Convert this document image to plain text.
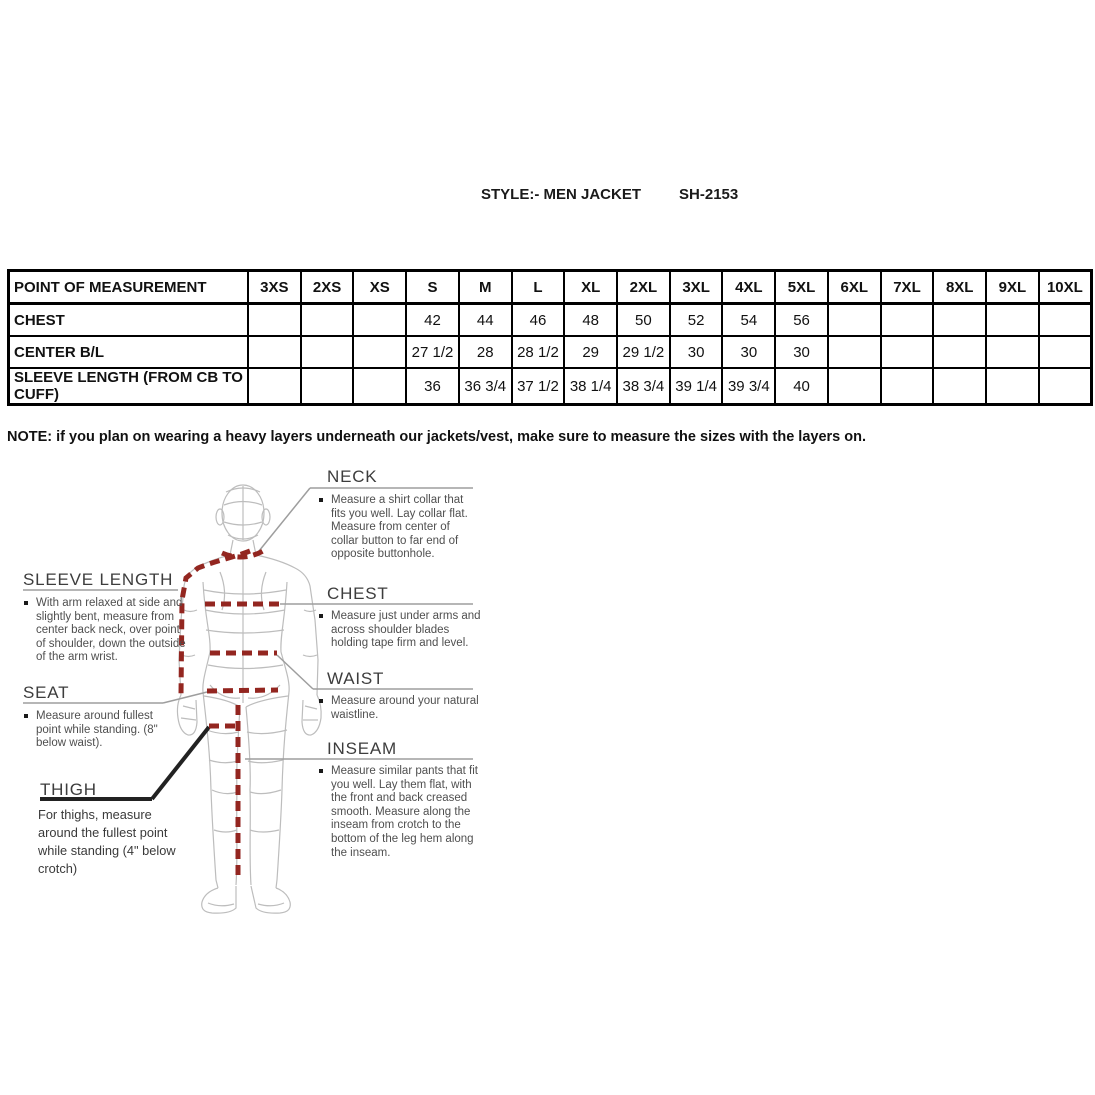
STYLE:- MEN JACKET	SH-2153
POINT OF MEASUREMENT	3XS	2XS	XS	S	M	L	XL	2XL	3XL	4XL	5XL	6XL	7XL	8XL	9XL	10XL
CHEST				42	44	46	48	50	52	54	56					
CENTER B/L				27 1/2	28	28 1/2	29	29 1/2	30	30	30					
SLEEVE LENGTH (FROM CB TO CUFF)				36	36 3/4	37 1/2	38 1/4	38 3/4	39 1/4	39 3/4	40					
NOTE: if you plan on wearing a heavy layers underneath our jackets/vest, make sure to measure the sizes with the layers on.
NECK
Measure a shirt collar that fits you well. Lay collar flat. Measure from center of collar button to far end of opposite buttonhole.
CHEST
Measure just under arms and across shoulder blades holding tape firm and level.
WAIST
Measure around your natural waistline.
INSEAM
Measure similar pants that fit you well. Lay them flat, with the front and back creased smooth. Measure along the inseam from crotch to the bottom of the leg hem along the inseam.
SLEEVE LENGTH
With arm relaxed at side and slightly bent, measure from center back neck, over point of shoulder, down the outside of the arm wrist.
SEAT
Measure around fullest point while standing. (8" below waist).
THIGH
For thighs, measure around the fullest point while standing (4" below crotch)
